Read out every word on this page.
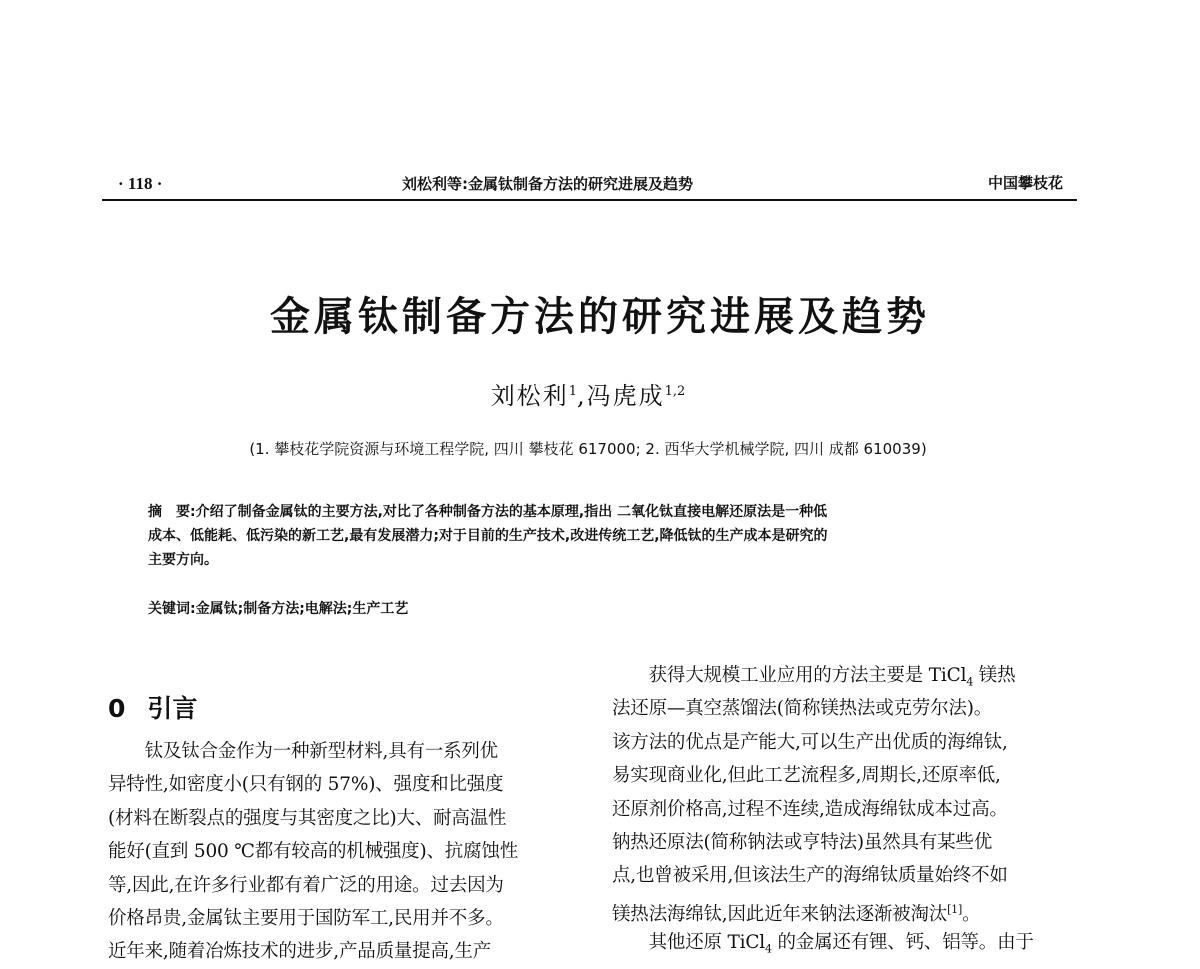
· 118 ·	刘松利等:金属钛制备方法的研究进展及趋势	中国攀枝花
金属钛制备方法的研究进展及趋势
刘松利$^1$,冯虎成$^{1,2}$
(1. 攀枝花学院资源与环境工程学院, 四川 攀枝花 617000; 2. 西华大学机械学院, 四川 成都 610039)
摘　要:介绍了制备金属钛的主要方法,对比了各种制备方法的基本原理,指出 二氧化钛直接电解还原法是一种低
成本、低能耗、低污染的新工艺,最有发展潜力;对于目前的生产技术,改进传统工艺,降低钛的生产成本是研究的
主要方向。
关键词:金属钛;制备方法;电解法;生产工艺
0 引言
　　钛及钛合金作为一种新型材料,具有一系列优
异特性,如密度小(只有钢的 57%)、强度和比强度
(材料在断裂点的强度与其密度之比)大、耐高温性
能好(直到 500 ℃都有较高的机械强度)、抗腐蚀性
等,因此,在许多行业都有着广泛的用途。过去因为
价格昂贵,金属钛主要用于国防军工,民用并不多。
近年来,随着冶炼技术的进步,产品质量提高,生产
　　获得大规模工业应用的方法主要是 TiCl$_4$ 镁热
法还原—真空蒸馏法(简称镁热法或克劳尔法)。
该方法的优点是产能大,可以生产出优质的海绵钛,
易实现商业化,但此工艺流程多,周期长,还原率低,
还原剂价格高,过程不连续,造成海绵钛成本过高。
钠热还原法(简称钠法或亨特法)虽然具有某些优
点,也曾被采用,但该法生产的海绵钛质量始终不如
镁热法海绵钛,因此近年来钠法逐渐被淘汰[1]。
　　其他还原 TiCl$_4$ 的金属还有锂、钙、铝等。由于
